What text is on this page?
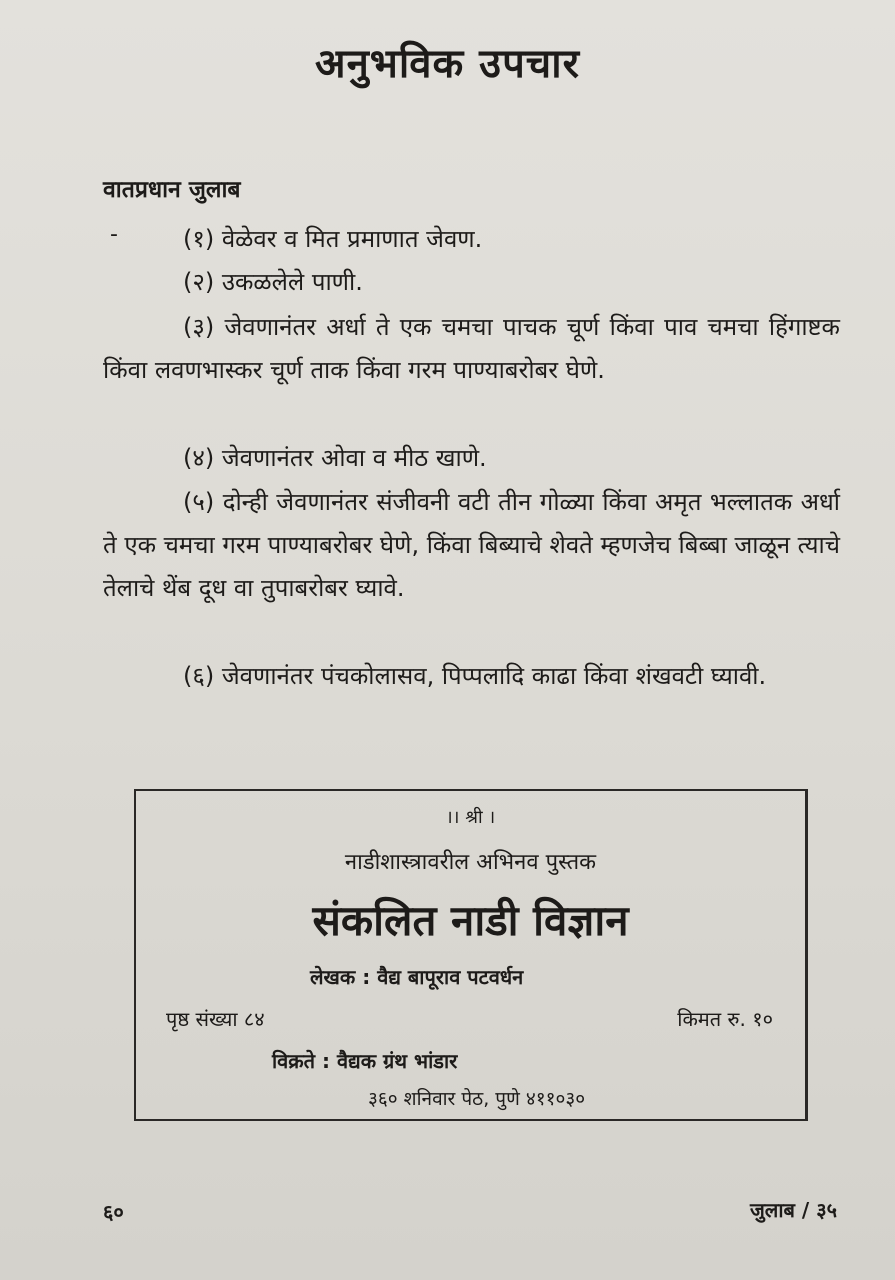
अनुभविक उपचार
वातप्रधान जुलाब
-	(१) वेळेवर व मित प्रमाणात जेवण.

(२) उकळलेले पाणी.

(३) जेवणानंतर अर्धा ते एक चमचा पाचक चूर्ण किंवा पाव चमचा हिंगाष्टक किंवा लवणभास्कर चूर्ण ताक किंवा गरम पाण्याबरोबर घेणे.

(४) जेवणानंतर ओवा व मीठ खाणे.

(५) दोन्ही जेवणानंतर संजीवनी वटी तीन गोळ्या किंवा अमृत भल्लातक अर्धा ते एक चमचा गरम पाण्याबरोबर घेणे, किंवा बिब्याचे शेवते म्हणजेच बिब्बा जाळून त्याचे तेलाचे थेंब दूध वा तुपाबरोबर घ्यावे.

(६) जेवणानंतर पंचकोलासव, पिप्पलादि काढा किंवा शंखवटी घ्यावी.

।। श्री ।
नाडीशास्त्रावरील अभिनव पुस्तक
संकलित नाडी विज्ञान
लेखक : वैद्य बापूराव पटवर्धन
पृष्ठ संख्या ८४	किमत रु. १०
विक्रते : वैद्यक ग्रंथ भांडार
३६० शनिवार पेठ, पुणे ४११०३०
६०	जुलाब / ३५
